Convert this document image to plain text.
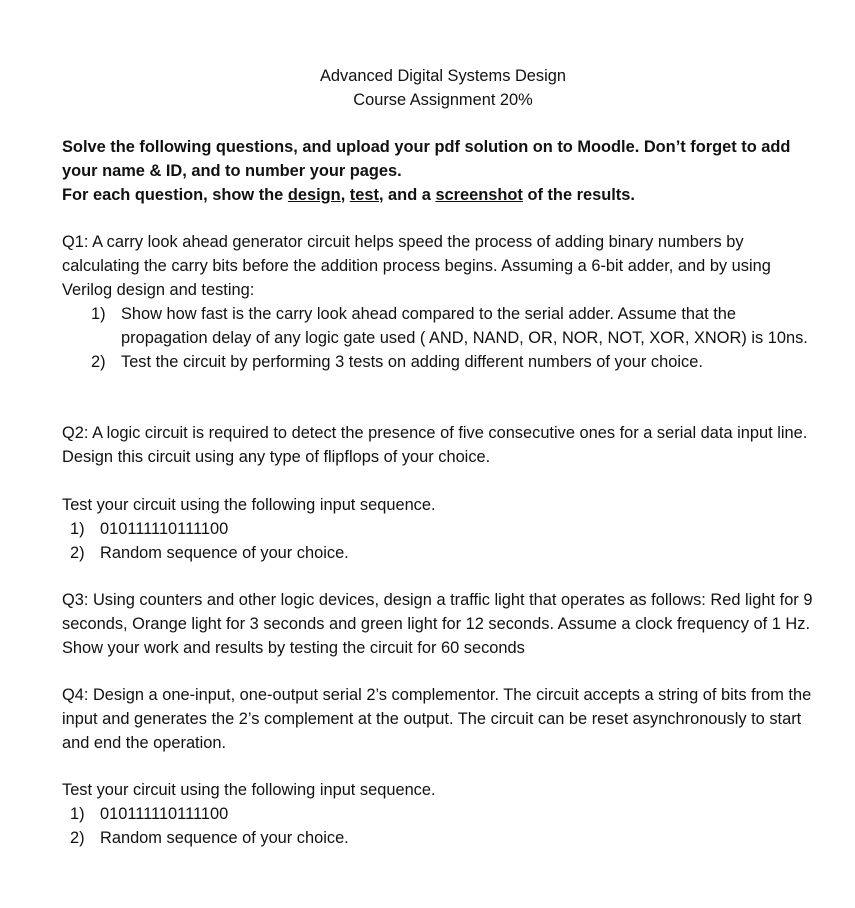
Advanced Digital Systems Design
Course Assignment 20%
Solve the following questions, and upload your pdf solution on to Moodle. Don’t forget to add your name & ID, and to number your pages.
For each question, show the design, test, and a screenshot of the results.
Q1: A carry look ahead generator circuit helps speed the process of adding binary numbers by calculating the carry bits before the addition process begins. Assuming a 6-bit adder, and by using Verilog design and testing:
1) Show how fast is the carry look ahead compared to the serial adder. Assume that the propagation delay of any logic gate used ( AND, NAND, OR, NOR, NOT, XOR, XNOR) is 10ns.
2) Test the circuit by performing 3 tests on adding different numbers of your choice.
Q2: A logic circuit is required to detect the presence of five consecutive ones for a serial data input line. Design this circuit using any type of flipflops of your choice.
Test your circuit using the following input sequence.
1) 010111110111100
2) Random sequence of your choice.
Q3: Using counters and other logic devices, design a traffic light that operates as follows: Red light for 9 seconds, Orange light for 3 seconds and green light for 12 seconds. Assume a clock frequency of 1 Hz. Show your work and results by testing the circuit for 60 seconds
Q4: Design a one-input, one-output serial 2’s complementor. The circuit accepts a string of bits from the input and generates the 2’s complement at the output. The circuit can be reset asynchronously to start and end the operation.
Test your circuit using the following input sequence.
1) 010111110111100
2) Random sequence of your choice.
